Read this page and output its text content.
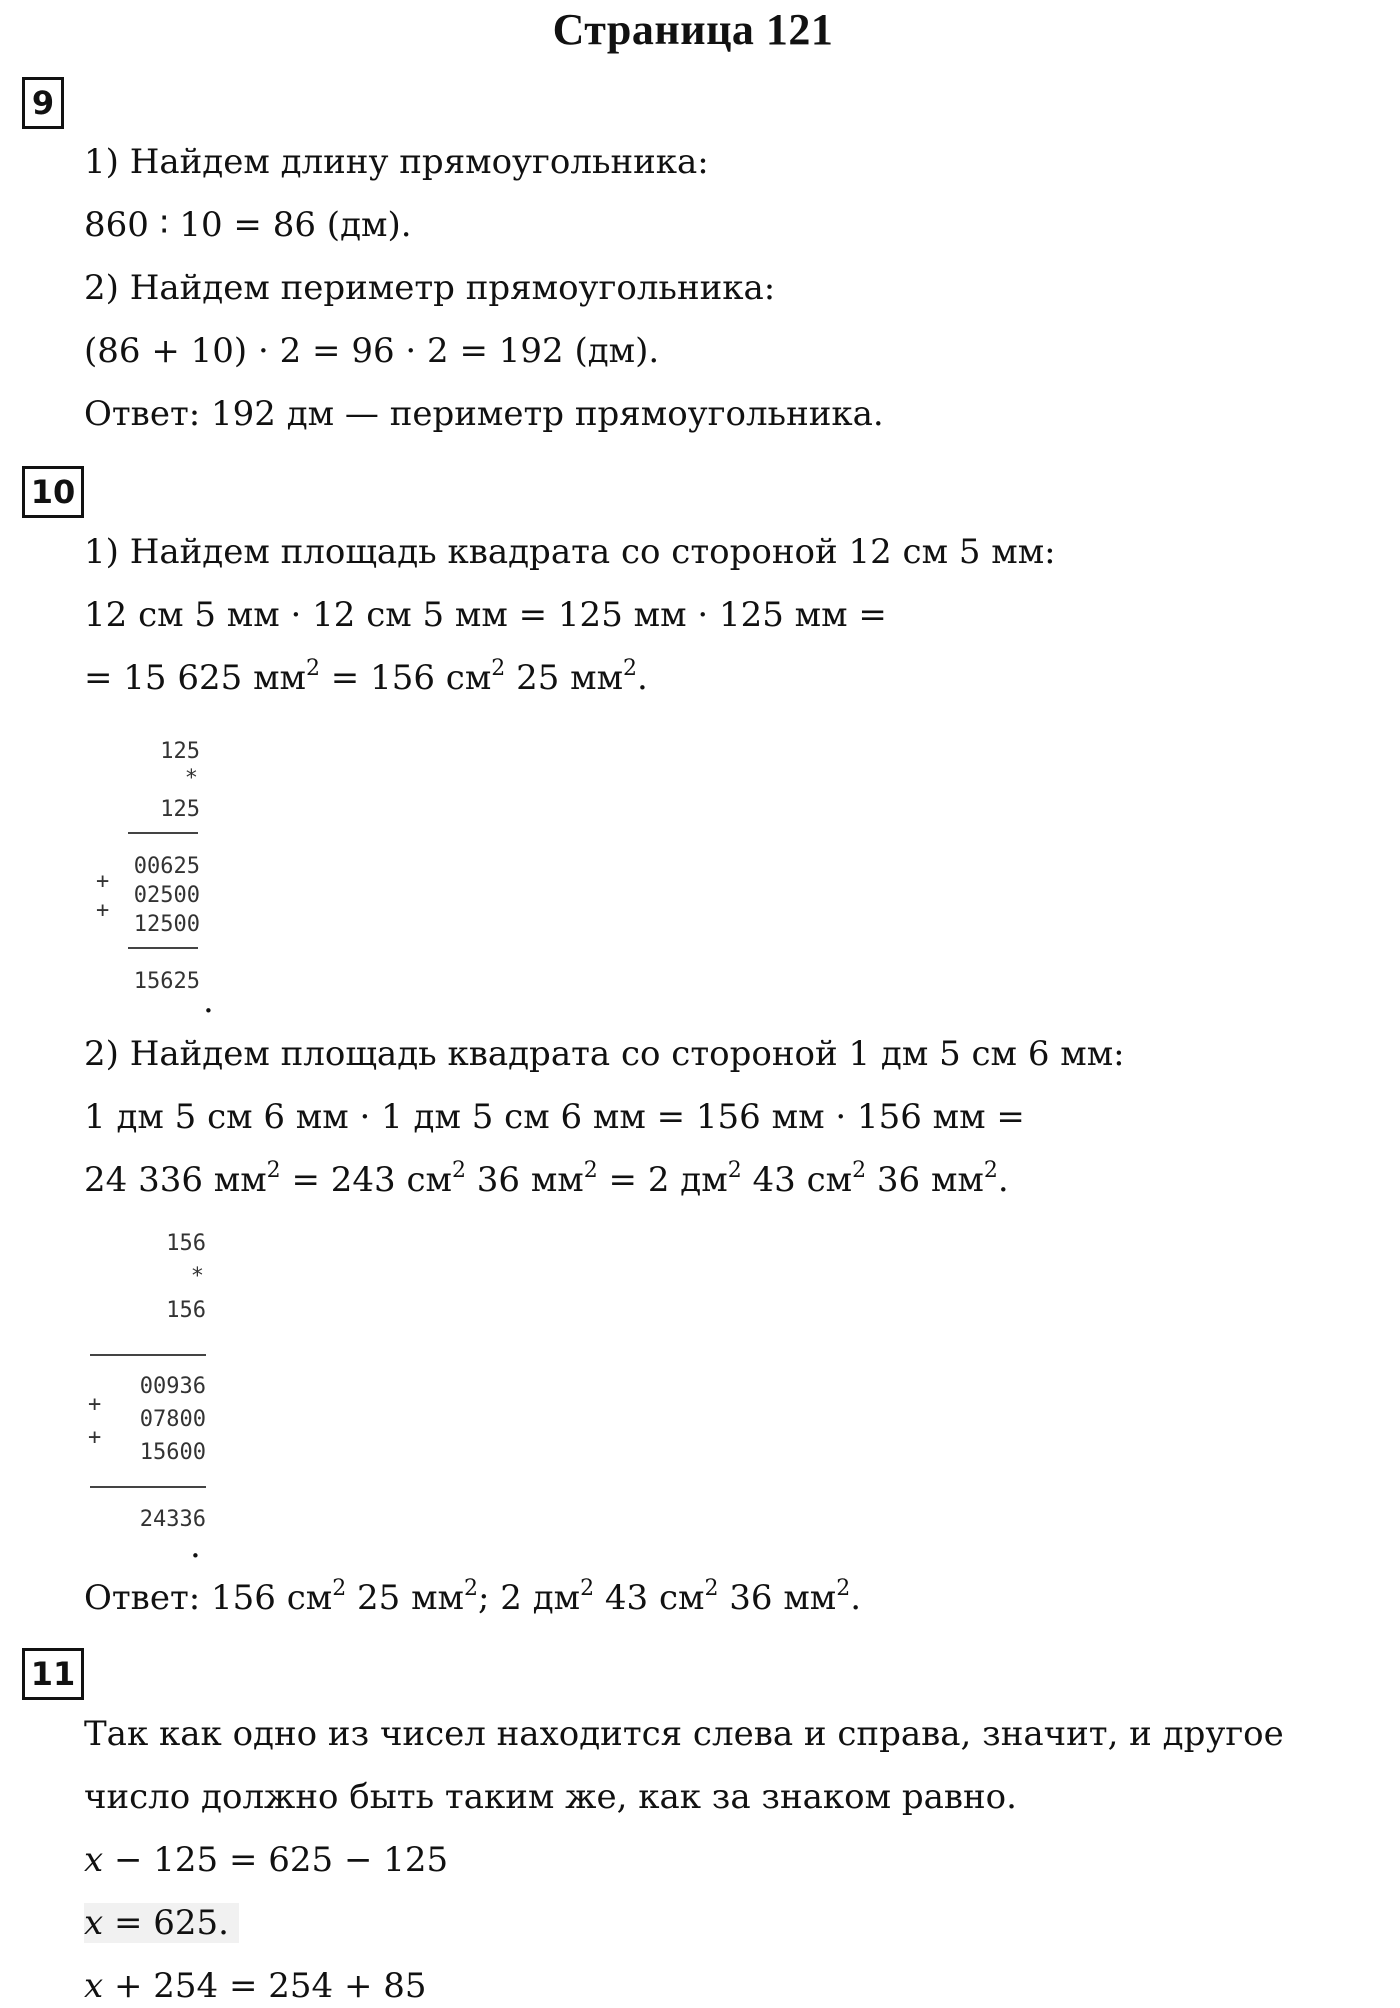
Страница 121
9
1) Найдем длину прямоугольника:
860 ∶ 10 = 86 (дм).
2) Найдем периметр прямоугольника:
(86 + 10) · 2 = 96 · 2 = 192 (дм).
Ответ: 192 дм — периметр прямоугольника.
10
1) Найдем площадь квадрата со стороной 12 см 5 мм:
12 см 5 мм · 12 см 5 мм = 125 мм · 125 мм =
= 15 625 $мм^2 = 156$ $см^2$ 25 $мм^2$.
125
*
125
00625
+
02500
+
12500
15625 .
2) Найдем площадь квадрата со стороной 1 дм 5 см 6 мм:
1 дм 5 см 6 мм · 1 дм 5 см 6 мм = 156 мм · 156 мм =
24 336 $мм^2 = 243$ $см^2$ 36 $мм^2 = 2$ $дм^2$ 43 $см^2$ 36 $мм^2$.
156
*
156
00936
+
07800
+
15600
24336
.
Ответ: 156 $см^2$ 25 $мм^2$; 2 $дм^2$ 43 $см^2$ 36 $мм^2$.
11
Так как одно из чисел находится слева и справа, значит, и другое
число должно быть таким же, как за знаком равно.
x − 125 = 625 − 125
x = 625.
x + 254 = 254 + 85
